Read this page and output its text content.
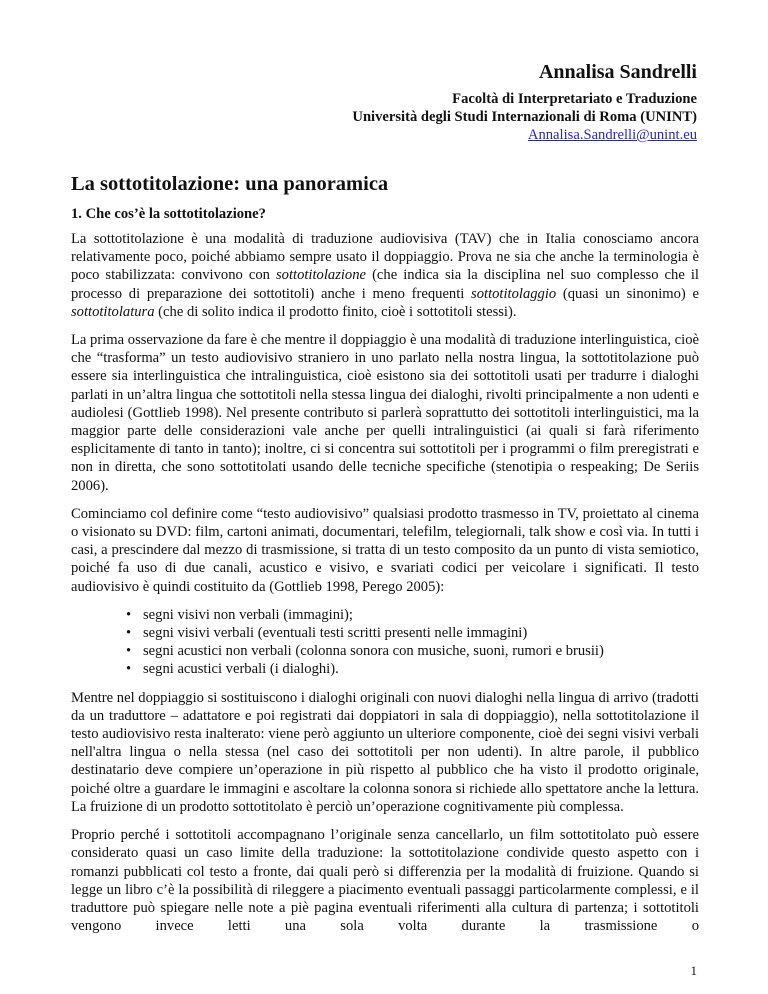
Annalisa Sandrelli
Facoltà di Interpretariato e Traduzione
Università degli Studi Internazionali di Roma (UNINT)
Annalisa.Sandrelli@unint.eu
La sottotitolazione: una panoramica
1. Che cos’è la sottotitolazione?

La sottotitolazione è una modalità di traduzione audiovisiva (TAV) che in Italia conosciamo ancora relativamente poco, poiché abbiamo sempre usato il doppiaggio. Prova ne sia che anche la terminologia è poco stabilizzata: convivono con sottotitolazione (che indica sia la disciplina nel suo complesso che il processo di preparazione dei sottotitoli) anche i meno frequenti sottotitolaggio (quasi un sinonimo) e sottotitolatura (che di solito indica il prodotto finito, cioè i sottotitoli stessi).

La prima osservazione da fare è che mentre il doppiaggio è una modalità di traduzione interlinguistica, cioè che “trasforma” un testo audiovisivo straniero in uno parlato nella nostra lingua, la sottotitolazione può essere sia interlinguistica che intralinguistica, cioè esistono sia dei sottotitoli usati per tradurre i dialoghi parlati in un’altra lingua che sottotitoli nella stessa lingua dei dialoghi, rivolti principalmente a non udenti e audiolesi (Gottlieb 1998). Nel presente contributo si parlerà soprattutto dei sottotitoli interlinguistici, ma la maggior parte delle considerazioni vale anche per quelli intralinguistici (ai quali si farà riferimento esplicitamente di tanto in tanto); inoltre, ci si concentra sui sottotitoli per i programmi o film preregistrati e non in diretta, che sono sottotitolati usando delle tecniche specifiche (stenotipia o respeaking; De Seriis 2006).

Cominciamo col definire come “testo audiovisivo” qualsiasi prodotto trasmesso in TV, proiettato al cinema o visionato su DVD: film, cartoni animati, documentari, telefilm, telegiornali, talk show e così via. In tutti i casi, a prescindere dal mezzo di trasmissione, si tratta di un testo composito da un punto di vista semiotico, poiché fa uso di due canali, acustico e visivo, e svariati codici per veicolare i significati. Il testo audiovisivo è quindi costituito da (Gottlieb 1998, Perego 2005):

• segni visivi non verbali (immagini);
• segni visivi verbali (eventuali testi scritti presenti nelle immagini)
• segni acustici non verbali (colonna sonora con musiche, suoni, rumori e brusii)
• segni acustici verbali (i dialoghi).

Mentre nel doppiaggio si sostituiscono i dialoghi originali con nuovi dialoghi nella lingua di arrivo (tradotti da un traduttore – adattatore e poi registrati dai doppiatori in sala di doppiaggio), nella sottotitolazione il testo audiovisivo resta inalterato: viene però aggiunto un ulteriore componente, cioè dei segni visivi verbali nell'altra lingua o nella stessa (nel caso dei sottotitoli per non udenti). In altre parole, il pubblico destinatario deve compiere un’operazione in più rispetto al pubblico che ha visto il prodotto originale, poiché oltre a guardare le immagini e ascoltare la colonna sonora si richiede allo spettatore anche la lettura. La fruizione di un prodotto sottotitolato è perciò un’operazione cognitivamente più complessa.

Proprio perché i sottotitoli accompagnano l’originale senza cancellarlo, un film sottotitolato può essere considerato quasi un caso limite della traduzione: la sottotitolazione condivide questo aspetto con i romanzi pubblicati col testo a fronte, dai quali però si differenzia per la modalità di fruizione. Quando si legge un libro c’è la possibilità di rileggere a piacimento eventuali passaggi particolarmente complessi, e il traduttore può spiegare nelle note a piè pagina eventuali riferimenti alla cultura di partenza; i sottotitoli vengono invece letti una sola volta durante la trasmissione o

1
